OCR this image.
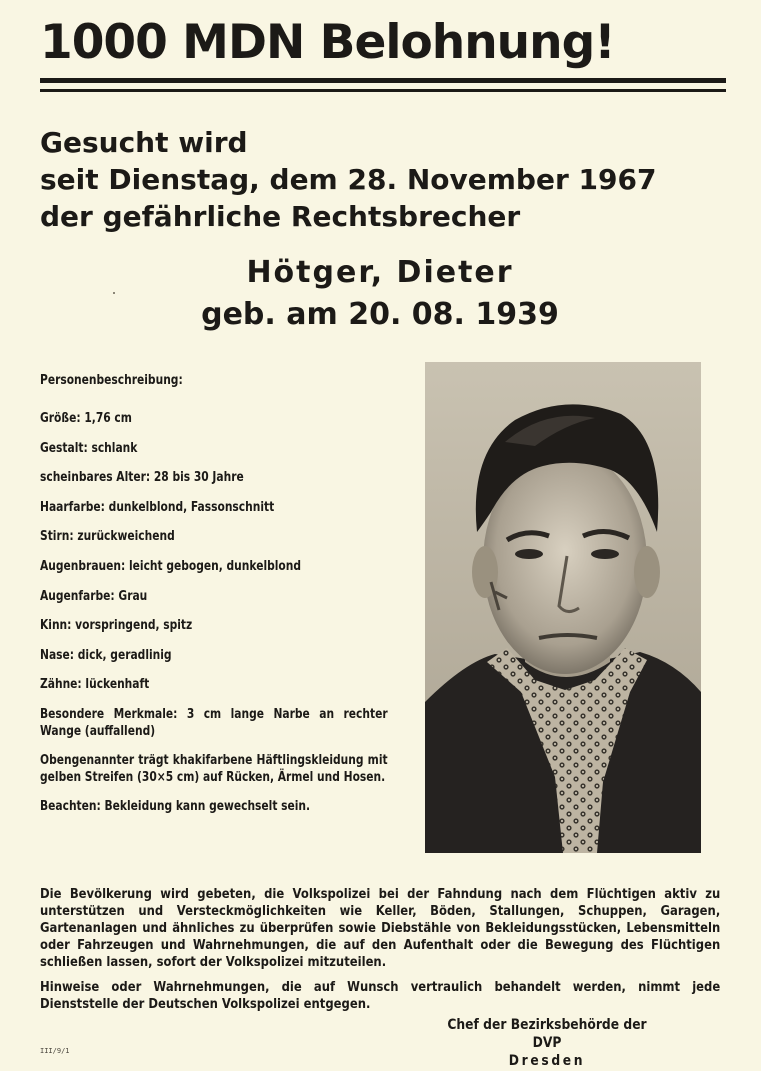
1000 MDN Belohnung!
Gesucht wird
seit Dienstag, dem 28. November 1967
der gefährliche Rechtsbrecher
Hötger, Dieter
geb. am 20. 08. 1939
Personenbeschreibung:
Größe: 1,76 cm
Gestalt: schlank
scheinbares Alter: 28 bis 30 Jahre
Haarfarbe: dunkelblond, Fassonschnitt
Stirn: zurückweichend
Augenbrauen: leicht gebogen, dunkelblond
Augenfarbe: Grau
Kinn: vorspringend, spitz
Nase: dick, geradlinig
Zähne: lückenhaft
Besondere Merkmale: 3 cm lange Narbe an rechter Wange (auffallend)
Obengenannter trägt khakifarbene Häftlingskleidung mit gelben Streifen (30×5 cm) auf Rücken, Ärmel und Hosen.
Beachten: Bekleidung kann gewechselt sein.

Die Bevölkerung wird gebeten, die Volkspolizei bei der Fahndung nach dem Flüchtigen aktiv zu unterstützen und Versteckmöglichkeiten wie Keller, Böden, Stallungen, Schuppen, Garagen, Gartenanlagen und ähnliches zu überprüfen sowie Diebstähle von Bekleidungsstücken, Lebensmitteln oder Fahrzeugen und Wahrnehmungen, die auf den Aufenthalt oder die Bewegung des Flüchtigen schließen lassen, sofort der Volkspolizei mitzuteilen.

Hinweise oder Wahrnehmungen, die auf Wunsch vertraulich behandelt werden, nimmt jede Dienststelle der Deutschen Volkspolizei entgegen.

Chef der Bezirksbehörde der DVP
Dresden
III/9/1
